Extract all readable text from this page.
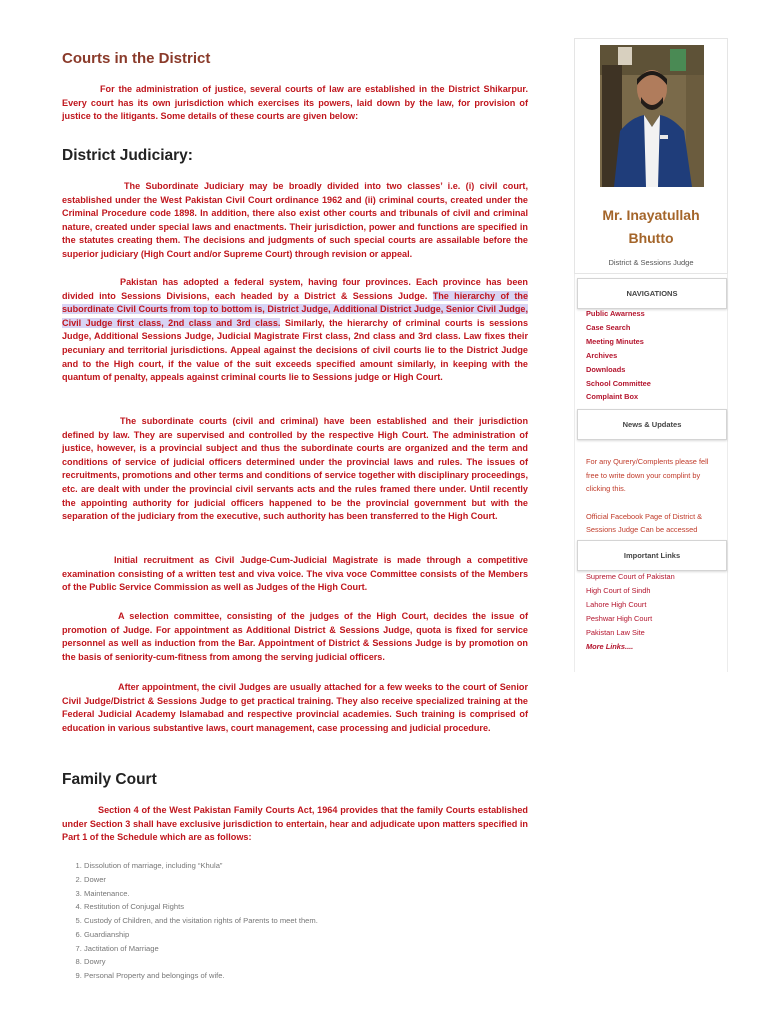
Courts in the District

For the administration of justice, several courts of law are established in the District Shikarpur. Every court has its own jurisdiction which exercises its powers, laid down by the law, for provision of justice to the litigants. Some details of these courts are given below:

District Judiciary:

The Subordinate Judiciary may be broadly divided into two classes’ i.e. (i) civil court, established under the West Pakistan Civil Court ordinance 1962 and (ii) criminal courts, created under the Criminal Procedure code 1898. In addition, there also exist other courts and tribunals of civil and criminal nature, created under special laws and enactments. Their jurisdiction, power and functions are specified in the statutes creating them. The decisions and judgments of such special courts are assailable before the superior judiciary (High Court and/or Supreme Court) through revision or appeal.

Pakistan has adopted a federal system, having four provinces. Each province has been divided into Sessions Divisions, each headed by a District & Sessions Judge. The hierarchy of the subordinate Civil Courts from top to bottom is, District Judge, Additional District Judge, Senior Civil Judge, Civil Judge first class, 2nd class and 3rd class. Similarly, the hierarchy of criminal courts is sessions Judge, Additional Sessions Judge, Judicial Magistrate First class, 2nd class and 3rd class. Law fixes their pecuniary and territorial jurisdictions. Appeal against the decisions of civil courts lie to the District Judge and to the High court, if the value of the suit exceeds specified amount similarly, in keeping with the quantum of penalty, appeals against criminal courts lie to Sessions judge or High Court.

The subordinate courts (civil and criminal) have been established and their jurisdiction defined by law. They are supervised and controlled by the respective High Court. The administration of justice, however, is a provincial subject and thus the subordinate courts are organized and the term and conditions of service of judicial officers determined under the provincial laws and rules. The issues of recruitments, promotions and other terms and conditions of service together with disciplinary proceedings, etc. are dealt with under the provincial civil servants acts and the rules framed there under. Until recently the appointing authority for judicial officers happened to be the provincial government but with the separation of the judiciary from the executive, such authority has been transferred to the High Court.

Initial recruitment as Civil Judge-Cum-Judicial Magistrate is made through a competitive examination consisting of a written test and viva voice. The viva voce Committee consists of the Members of the Public Service Commission as well as Judges of the High Court.

A selection committee, consisting of the judges of the High Court, decides the issue of promotion of Judge. For appointment as Additional District & Sessions Judge, quota is fixed for service personnel as well as induction from the Bar. Appointment of District & Sessions Judge is by promotion on the basis of seniority-cum-fitness from among the serving judicial officers.

After appointment, the civil Judges are usually attached for a few weeks to the court of Senior Civil Judge/District & Sessions Judge to get practical training. They also receive specialized training at the Federal Judicial Academy Islamabad and respective provincial academies. Such training is comprised of education in various substantive laws, court management, case processing and judicial procedure.

Family Court

Section 4 of the West Pakistan Family Courts Act, 1964 provides that the family Courts established under Section 3 shall have exclusive jurisdiction to entertain, hear and adjudicate upon matters specified in Part 1 of the Schedule which are as follows:

1. Dissolution of marriage, including “Khula”
2. Dower
3. Maintenance.
4. Restitution of Conjugal Rights
5. Custody of Children, and the visitation rights of Parents to meet them.
6. Guardianship
7. Jactitation of Marriage
8. Dowry
9. Personal Property and belongings of wife.
Mr. Inayatullah
Bhutto
District & Sessions Judge
NAVIGATIONS
Public Awarness
Case Search
Meeting Minutes
Archives
Downloads
School Committee
Complaint Box
News & Updates

For any Qurery/Complents please fell free to write down your complint by clicking this.

Official Facebook Page of District & Sessions Judge Can be accessed

Important Links
Supreme Court of Pakistan
High Court of Sindh
Lahore High Court
Peshwar High Court
Pakistan Law Site
More Links....
